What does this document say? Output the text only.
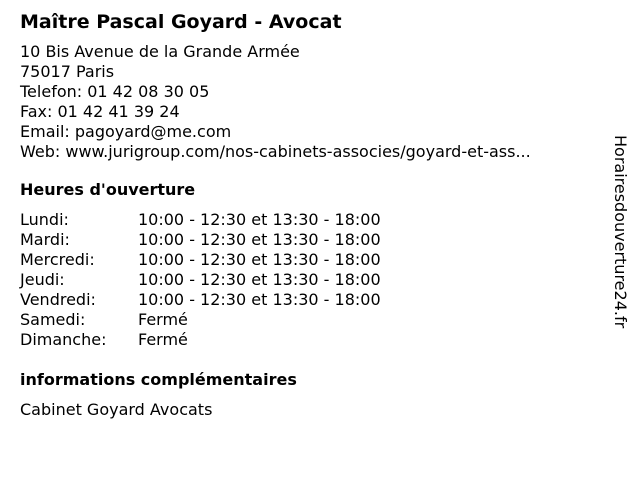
Maître Pascal Goyard - Avocat
10 Bis Avenue de la Grande Armée
75017 Paris
Telefon: 01 42 08 30 05
Fax: 01 42 41 39 24
Email: pagoyard@me.com
Web: www.jurigroup.com/nos-cabinets-associes/goyard-et-ass...
Heures d'ouverture
Lundi:	10:00 - 12:30 et 13:30 - 18:00
Mardi:	10:00 - 12:30 et 13:30 - 18:00
Mercredi:	10:00 - 12:30 et 13:30 - 18:00
Jeudi:	10:00 - 12:30 et 13:30 - 18:00
Vendredi:	10:00 - 12:30 et 13:30 - 18:00
Samedi:	Fermé
Dimanche:	Fermé
informations complémentaires
Cabinet Goyard Avocats
Horairesdouverture24.fr
